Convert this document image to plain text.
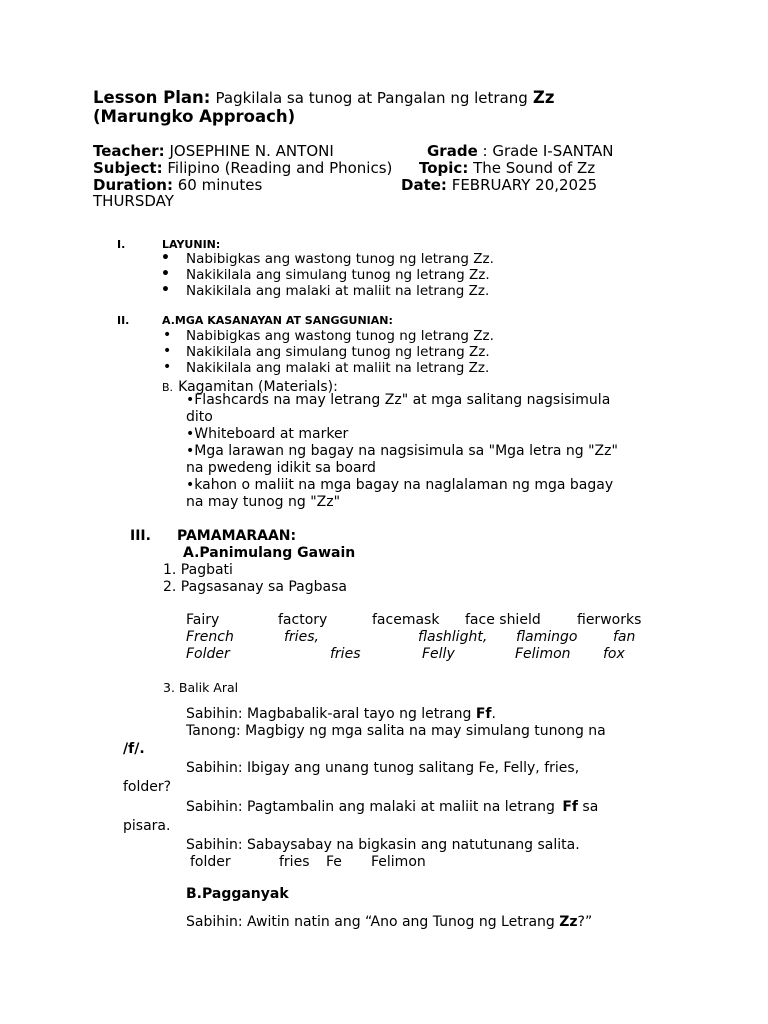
Lesson Plan: Pagkilala sa tunog at Pangalan ng letrang Zz
(Marungko Approach)
Teacher: JOSEPHINE N. ANTONI	Grade : Grade I-SANTAN
Subject: Filipino (Reading and Phonics) Topic: The Sound of Zz
Duration: 60 minutes	Date: FEBRUARY 20,2025
THURSDAY
I.	LAYUNIN:
• Nabibigkas ang wastong tunog ng letrang Zz.
• Nakikilala ang simulang tunog ng letrang Zz.
• Nakikilala ang malaki at maliit na letrang Zz.
II.	A.MGA KASANAYAN AT SANGGUNIAN:
• Nabibigkas ang wastong tunog ng letrang Zz.
• Nakikilala ang simulang tunog ng letrang Zz.
• Nakikilala ang malaki at maliit na letrang Zz.
B. Kagamitan (Materials):
•Flashcards na may letrang Zz" at mga salitang nagsisimula
dito
•Whiteboard at marker
•Mga larawan ng bagay na nagsisimula sa "Mga letra ng "Zz"
na pwedeng idikit sa board
•kahon o maliit na mga bagay na naglalaman ng mga bagay
na may tunog ng "Zz"
III. PAMAMARAAN:
A.Panimulang Gawain
1. Pagbati
2. Pagsasanay sa Pagbasa
Fairy	factory	facemask face shield	fierworks
French	fries,	flashlight, flamingo	fan
Folder	fries	Felly	Felimon fox
3. Balik Aral
Sabihin: Magbabalik-aral tayo ng letrang Ff.
Tanong: Magbigy ng mga salita na may simulang tunong na
/f/.
Sabihin: Ibigay ang unang tunog salitang Fe, Felly, fries,
folder?
Sabihin: Pagtambalin ang malaki at maliit na letrang Ff sa
pisara.
Sabihin: Sabaysabay na bigkasin ang natutunang salita.
folder	fries Fe Felimon
B.Pagganyak
Sabihin: Awitin natin ang “Ano ang Tunog ng Letrang Zz?”
